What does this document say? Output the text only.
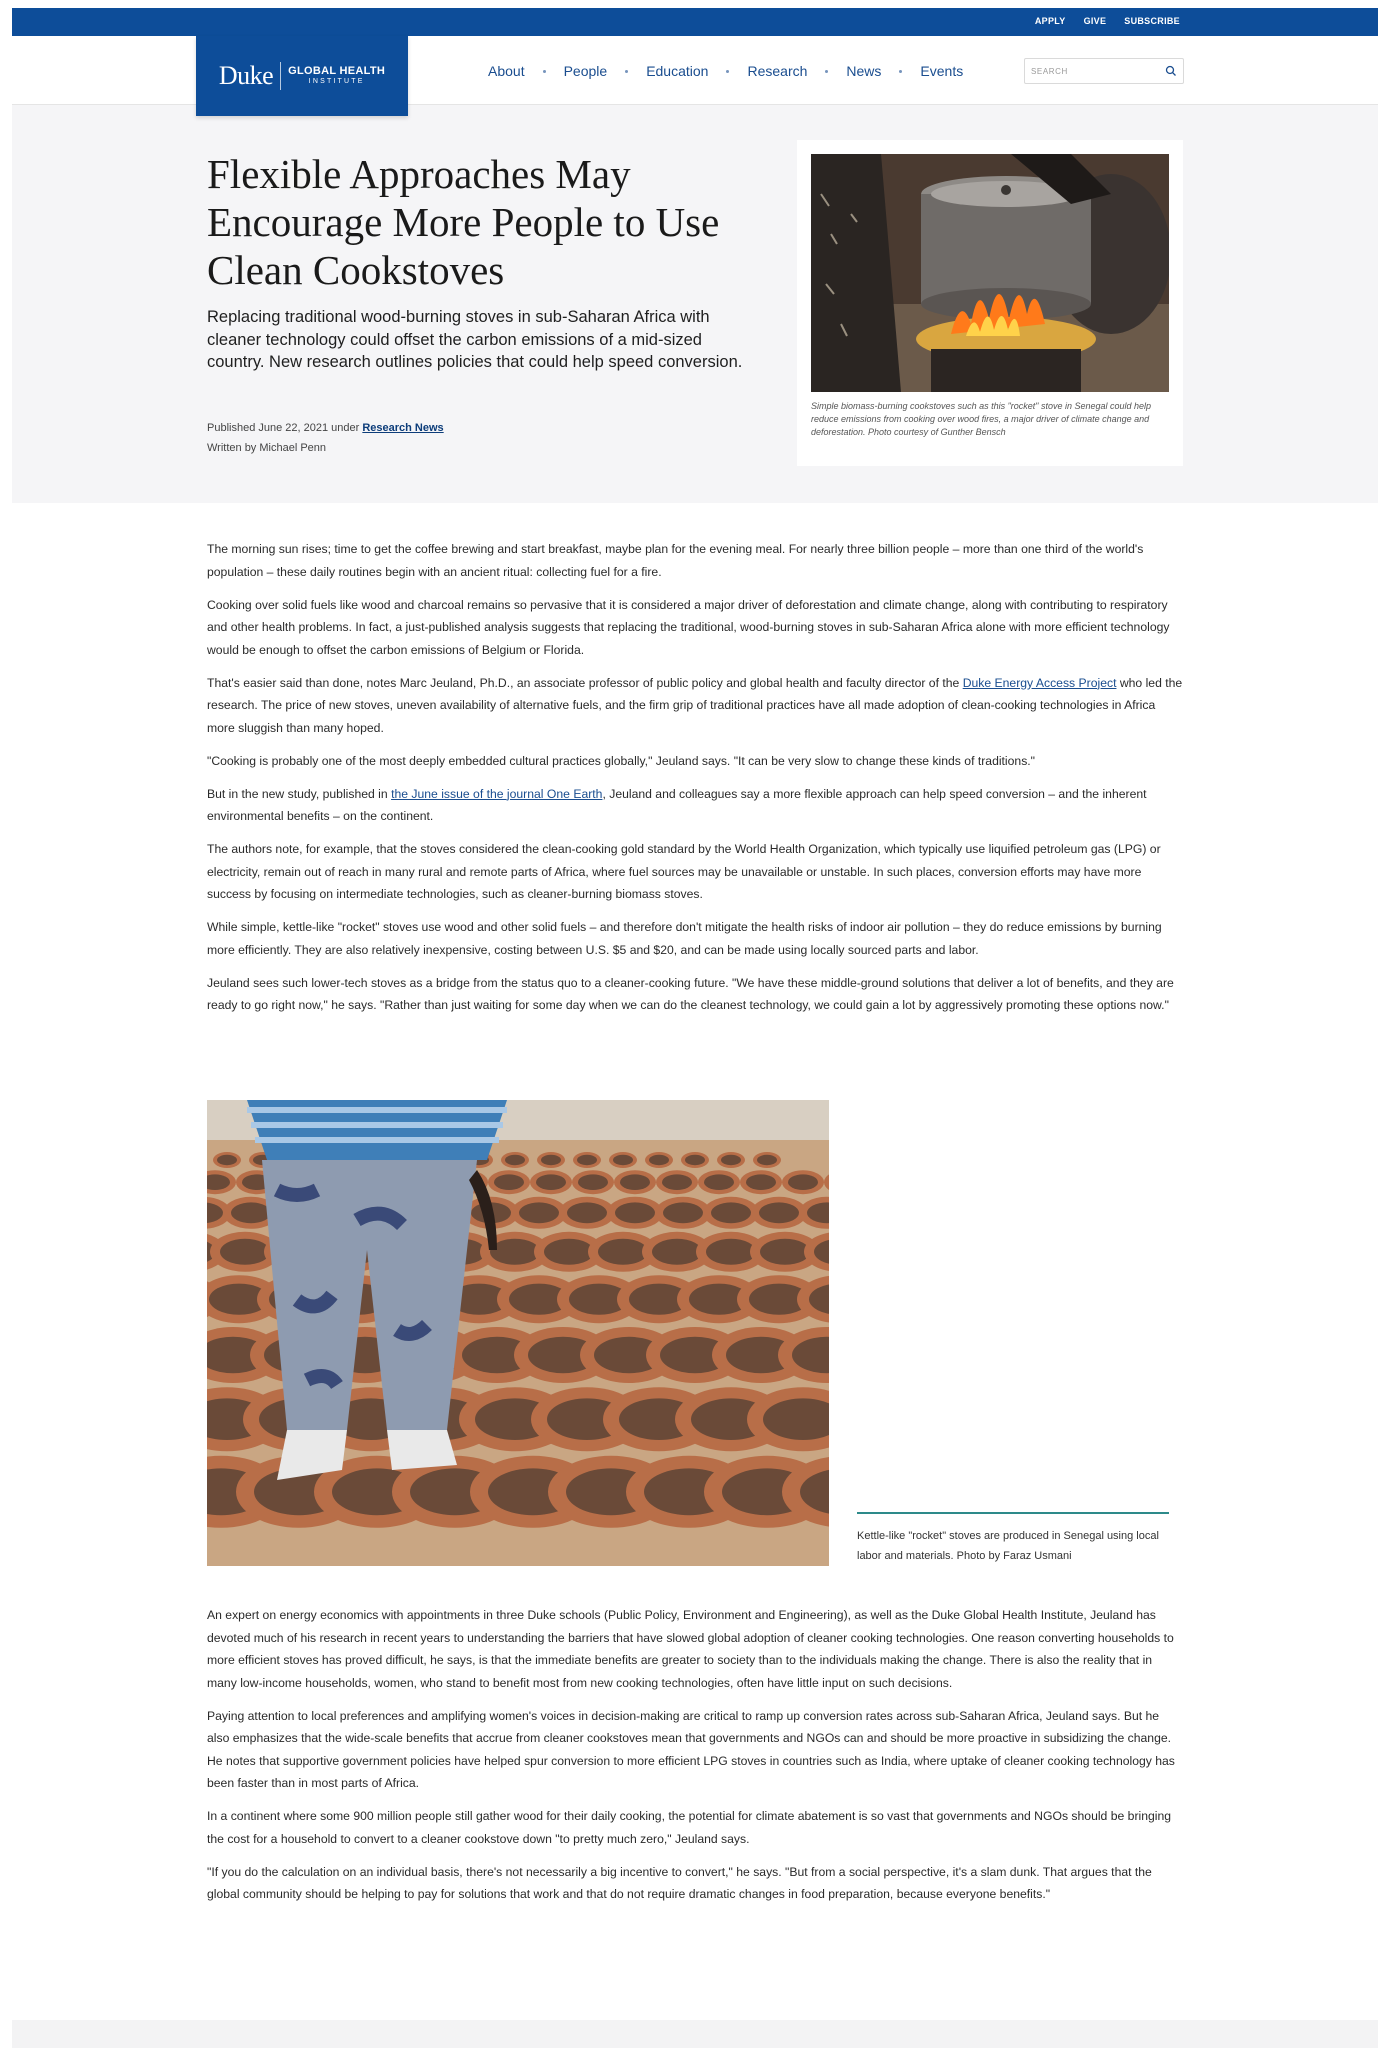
APPLY GIVE SUBSCRIBE
Duke GLOBAL HEALTH
INSTITUTE
About	People	Education	Research	News	Events
SEARCH
Flexible Approaches May Encourage More People to Use Clean Cookstoves

Replacing traditional wood-burning stoves in sub-Saharan Africa with cleaner technology could offset the carbon emissions of a mid-sized country. New research outlines policies that could help speed conversion.

Published June 22, 2021 under Research News
Written by Michael Penn
Simple biomass-burning cookstoves such as this "rocket" stove in Senegal could help reduce emissions from cooking over wood fires, a major driver of climate change and deforestation. Photo courtesy of Gunther Bensch

The morning sun rises; time to get the coffee brewing and start breakfast, maybe plan for the evening meal. For nearly three billion people – more than one third of the world's population – these daily routines begin with an ancient ritual: collecting fuel for a fire.

Cooking over solid fuels like wood and charcoal remains so pervasive that it is considered a major driver of deforestation and climate change, along with contributing to respiratory and other health problems. In fact, a just-published analysis suggests that replacing the traditional, wood-burning stoves in sub-Saharan Africa alone with more efficient technology would be enough to offset the carbon emissions of Belgium or Florida.

That's easier said than done, notes Marc Jeuland, Ph.D., an associate professor of public policy and global health and faculty director of the Duke Energy Access Project who led the research. The price of new stoves, uneven availability of alternative fuels, and the firm grip of traditional practices have all made adoption of clean-cooking technologies in Africa more sluggish than many hoped.

"Cooking is probably one of the most deeply embedded cultural practices globally," Jeuland says. "It can be very slow to change these kinds of traditions."

But in the new study, published in the June issue of the journal One Earth, Jeuland and colleagues say a more flexible approach can help speed conversion – and the inherent environmental benefits – on the continent.

The authors note, for example, that the stoves considered the clean-cooking gold standard by the World Health Organization, which typically use liquified petroleum gas (LPG) or electricity, remain out of reach in many rural and remote parts of Africa, where fuel sources may be unavailable or unstable. In such places, conversion efforts may have more success by focusing on intermediate technologies, such as cleaner-burning biomass stoves.

While simple, kettle-like "rocket" stoves use wood and other solid fuels – and therefore don't mitigate the health risks of indoor air pollution – they do reduce emissions by burning more efficiently. They are also relatively inexpensive, costing between U.S. $5 and $20, and can be made using locally sourced parts and labor.

Jeuland sees such lower-tech stoves as a bridge from the status quo to a cleaner-cooking future. "We have these middle-ground solutions that deliver a lot of benefits, and they are ready to go right now," he says. "Rather than just waiting for some day when we can do the cleanest technology, we could gain a lot by aggressively promoting these options now."

Kettle-like "rocket" stoves are produced in Senegal using local labor and materials. Photo by Faraz Usmani

An expert on energy economics with appointments in three Duke schools (Public Policy, Environment and Engineering), as well as the Duke Global Health Institute, Jeuland has devoted much of his research in recent years to understanding the barriers that have slowed global adoption of cleaner cooking technologies. One reason converting households to more efficient stoves has proved difficult, he says, is that the immediate benefits are greater to society than to the individuals making the change. There is also the reality that in many low-income households, women, who stand to benefit most from new cooking technologies, often have little input on such decisions.

Paying attention to local preferences and amplifying women's voices in decision-making are critical to ramp up conversion rates across sub-Saharan Africa, Jeuland says. But he also emphasizes that the wide-scale benefits that accrue from cleaner cookstoves mean that governments and NGOs can and should be more proactive in subsidizing the change. He notes that supportive government policies have helped spur conversion to more efficient LPG stoves in countries such as India, where uptake of cleaner cooking technology has been faster than in most parts of Africa.

In a continent where some 900 million people still gather wood for their daily cooking, the potential for climate abatement is so vast that governments and NGOs should be bringing the cost for a household to convert to a cleaner cookstove down "to pretty much zero," Jeuland says.

"If you do the calculation on an individual basis, there's not necessarily a big incentive to convert," he says. "But from a social perspective, it's a slam dunk. That argues that the global community should be helping to pay for solutions that work and that do not require dramatic changes in food preparation, because everyone benefits."
